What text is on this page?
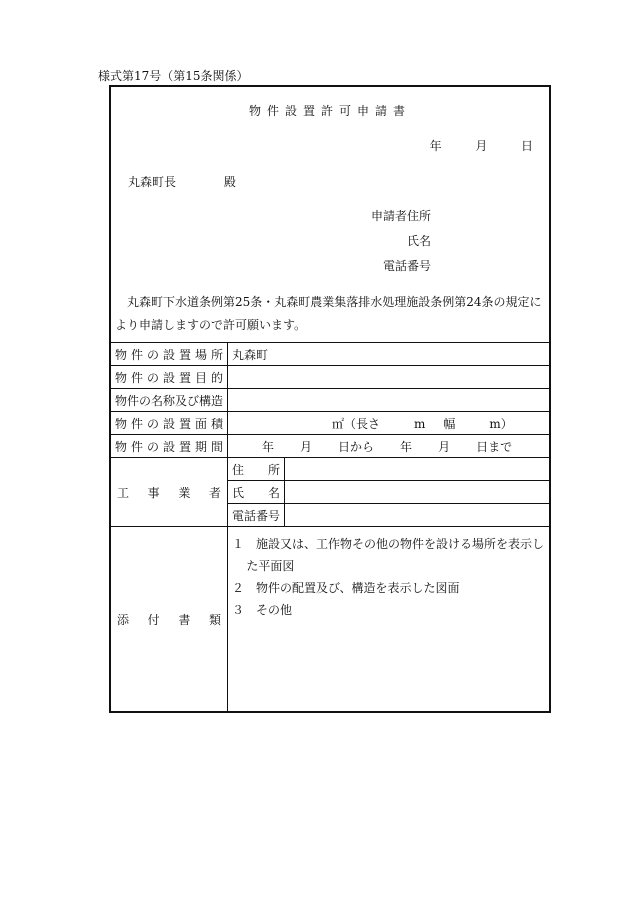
様式第17号（第15条関係）
物件設置許可申請書
年	月	日
丸森町長	殿
申請者住所
氏名
電話番号
丸森町下水道条例第25条・丸森町農業集落排水処理施設条例第24条の規定により申請しますので許可願います。
物件の設置場所	丸森町	
物件の設置目的		
物件の名称及び構造		
物件の設置面積	㎡（長さ m 幅 m）	
物件の設置期間	年 月 日から 年 月 日まで	
工事業者	住所	
	氏名	
	電話番号	
添付書類	１　施設又は、工作物その他の物件を設ける場所を表示した平面図
２　物件の配置及び、構造を表示した図面
３　その他	
